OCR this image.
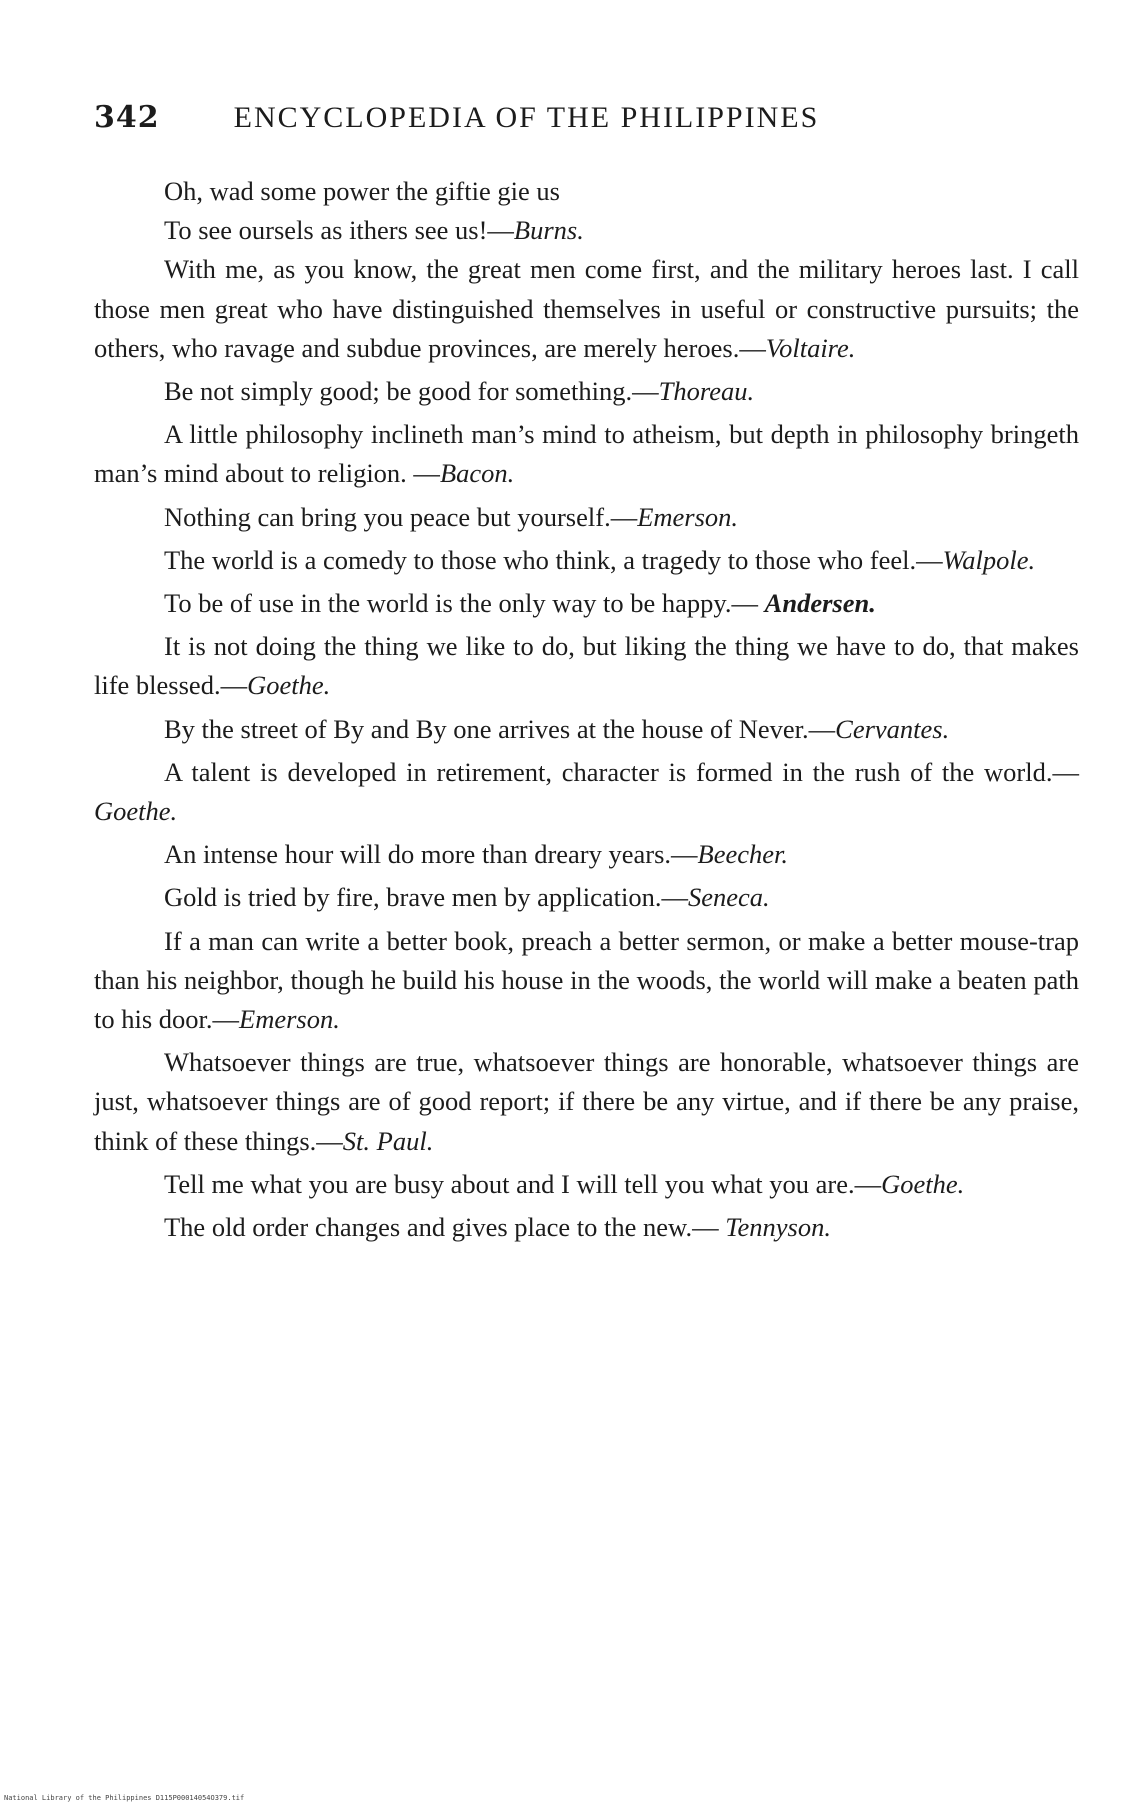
342 ENCYCLOPEDIA OF THE PHILIPPINES
Oh, wad some power the giftie gie us
To see oursels as ithers see us!—Burns.

With me, as you know, the great men come first, and the military heroes last. I call those men great who have distinguished themselves in useful or constructive pursuits; the others, who ravage and subdue provinces, are merely heroes.—Voltaire.

Be not simply good; be good for something.—Thoreau.

A little philosophy inclineth man’s mind to atheism, but depth in philosophy bringeth man’s mind about to religion. —Bacon.

Nothing can bring you peace but yourself.—Emerson.

The world is a comedy to those who think, a tragedy to those who feel.—Walpole.

To be of use in the world is the only way to be happy.— Andersen.

It is not doing the thing we like to do, but liking the thing we have to do, that makes life blessed.—Goethe.

By the street of By and By one arrives at the house of Never.—Cervantes.

A talent is developed in retirement, character is formed in the rush of the world.—Goethe.

An intense hour will do more than dreary years.—Beecher.

Gold is tried by fire, brave men by application.—Seneca.

If a man can write a better book, preach a better sermon, or make a better mouse-trap than his neighbor, though he build his house in the woods, the world will make a beaten path to his door.—Emerson.

Whatsoever things are true, whatsoever things are honorable, whatsoever things are just, whatsoever things are of good report; if there be any virtue, and if there be any praise, think of these things.—St. Paul.

Tell me what you are busy about and I will tell you what you are.—Goethe.

The old order changes and gives place to the new.— Tennyson.

National Library of the Philippines D115P00014054O379.tif
